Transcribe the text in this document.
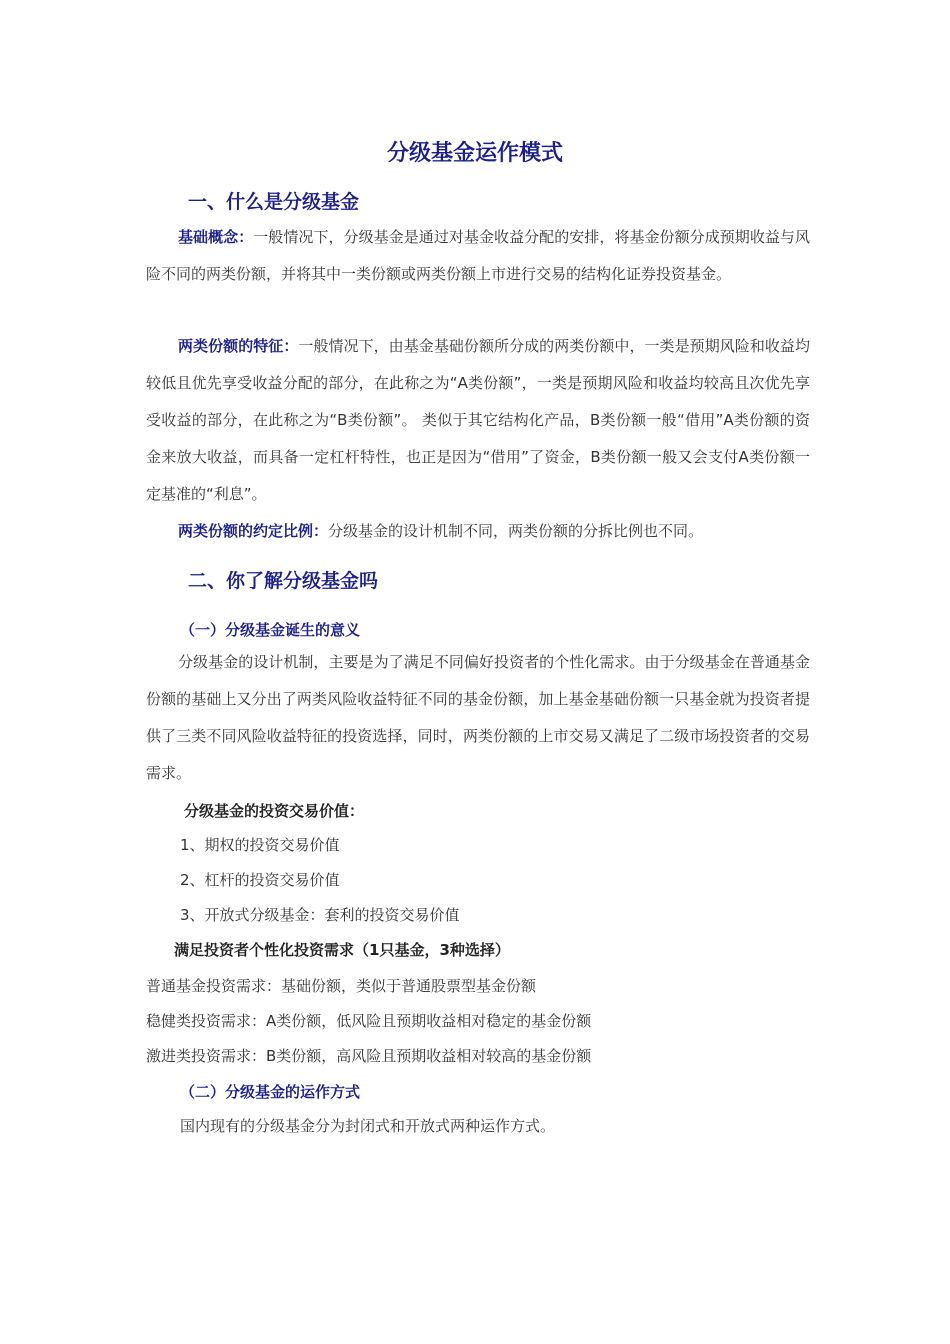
分级基金运作模式
一、什么是分级基金

基础概念：一般情况下，分级基金是通过对基金收益分配的安排，将基金份额分成预期收益与风险不同的两类份额，并将其中一类份额或两类份额上市进行交易的结构化证券投资基金。

两类份额的特征：一般情况下，由基金基础份额所分成的两类份额中，一类是预期风险和收益均较低且优先享受收益分配的部分，在此称之为“A类份额”，一类是预期风险和收益均较高且次优先享受收益的部分，在此称之为“B类份额”。 类似于其它结构化产品，B类份额一般“借用”A类份额的资金来放大收益，而具备一定杠杆特性，也正是因为“借用”了资金，B类份额一般又会支付A类份额一定基准的“利息”。

两类份额的约定比例：分级基金的设计机制不同，两类份额的分拆比例也不同。

二、你了解分级基金吗
（一）分级基金诞生的意义

分级基金的设计机制，主要是为了满足不同偏好投资者的个性化需求。由于分级基金在普通基金份额的基础上又分出了两类风险收益特征不同的基金份额，加上基金基础份额一只基金就为投资者提供了三类不同风险收益特征的投资选择，同时，两类份额的上市交易又满足了二级市场投资者的交易需求。

分级基金的投资交易价值：

1、期权的投资交易价值

2、杠杆的投资交易价值

3、开放式分级基金：套利的投资交易价值

满足投资者个性化投资需求（1只基金，3种选择）

普通基金投资需求：基础份额，类似于普通股票型基金份额

稳健类投资需求：A类份额，低风险且预期收益相对稳定的基金份额

激进类投资需求：B类份额，高风险且预期收益相对较高的基金份额

（二）分级基金的运作方式

国内现有的分级基金分为封闭式和开放式两种运作方式。
